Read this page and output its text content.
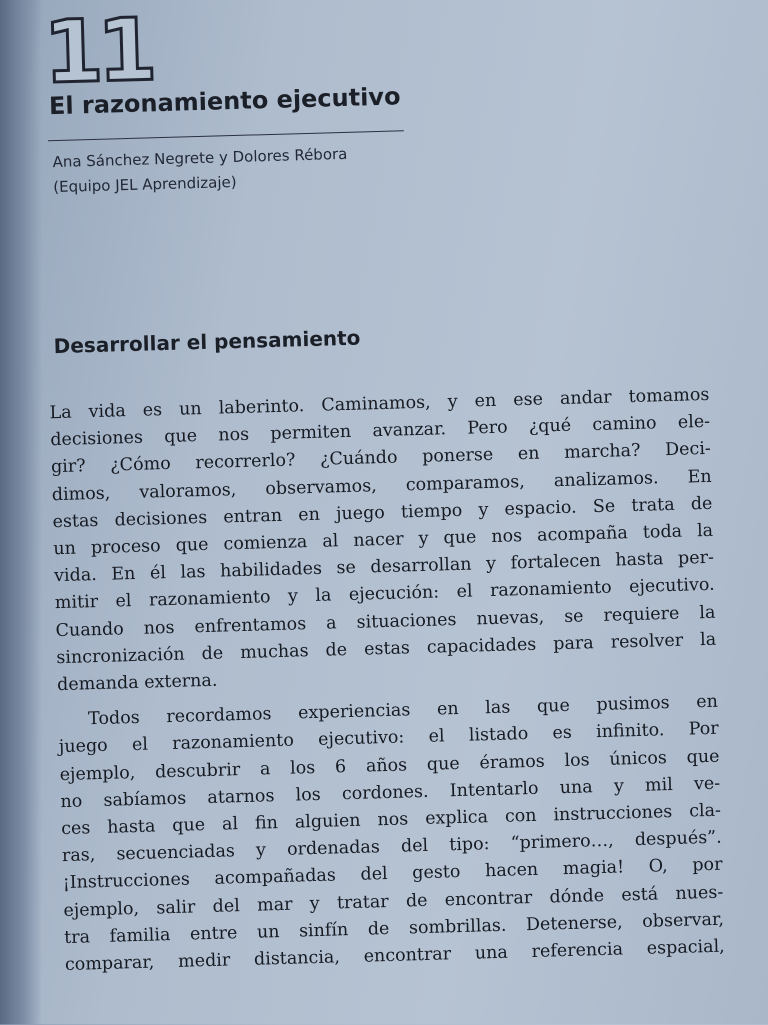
11
El razonamiento ejecutivo
Ana Sánchez Negrete y Dolores Rébora
(Equipo JEL Aprendizaje)
Desarrollar el pensamiento
La vida es un laberinto. Caminamos, y en ese andar tomamos
decisiones que nos permiten avanzar. Pero ¿qué camino ele-
gir? ¿Cómo recorrerlo? ¿Cuándo ponerse en marcha? Deci-
dimos, valoramos, observamos, comparamos, analizamos. En
estas decisiones entran en juego tiempo y espacio. Se trata de
un proceso que comienza al nacer y que nos acompaña toda la
vida. En él las habilidades se desarrollan y fortalecen hasta per-
mitir el razonamiento y la ejecución: el razonamiento ejecutivo.
Cuando nos enfrentamos a situaciones nuevas, se requiere la
sincronización de muchas de estas capacidades para resolver la
demanda externa.
Todos recordamos experiencias en las que pusimos en
juego el razonamiento ejecutivo: el listado es infinito. Por
ejemplo, descubrir a los 6 años que éramos los únicos que
no sabíamos atarnos los cordones. Intentarlo una y mil ve-
ces hasta que al fin alguien nos explica con instrucciones cla-
ras, secuenciadas y ordenadas del tipo: “primero…, después”.
¡Instrucciones acompañadas del gesto hacen magia! O, por
ejemplo, salir del mar y tratar de encontrar dónde está nues-
tra familia entre un sinfín de sombrillas. Detenerse, observar,
comparar, medir distancia, encontrar una referencia espacial,
